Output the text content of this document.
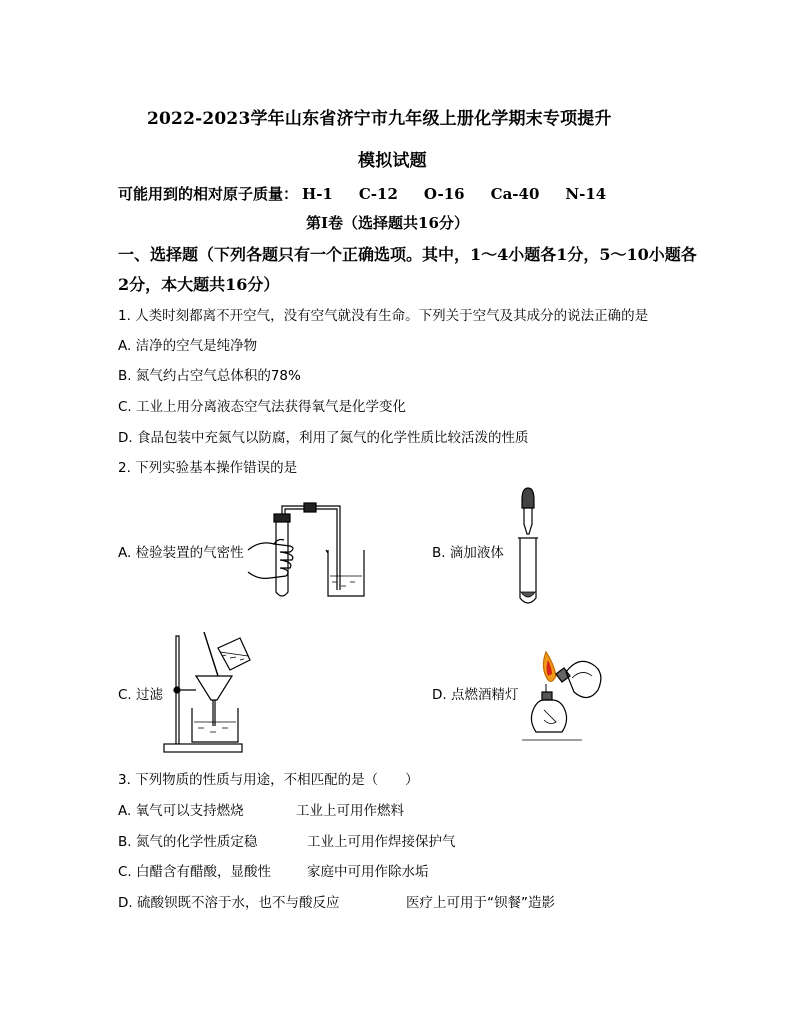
2022-2023学年山东省济宁市九年级上册化学期末专项提升
模拟试题
可能用到的相对原子质量： H-1 C-12 O-16 Ca-40 N-14
第Ⅰ卷（选择题共16分）
一、选择题（下列各题只有一个正确选项。其中，1～4小题各1分，5～10小题各
2分，本大题共16分）
1. 人类时刻都离不开空气，没有空气就没有生命。下列关于空气及其成分的说法正确的是
A. 洁净的空气是纯净物
B. 氮气约占空气总体积的78%
C. 工业上用分离液态空气法获得氧气是化学变化
D. 食品包装中充氮气以防腐，利用了氮气的化学性质比较活泼的性质
2. 下列实验基本操作错误的是
A. 检验装置的气密性	B. 滴加液体
C. 过滤	D. 点燃酒精灯
3. 下列物质的性质与用途，不相匹配的是（　　）
A. 氧气可以支持燃烧	工业上可用作燃料
B. 氮气的化学性质定稳	工业上可用作焊接保护气
C. 白醋含有醋酸，显酸性	家庭中可用作除水垢
D. 硫酸钡既不溶于水，也不与酸反应	医疗上可用于“钡餐”造影
